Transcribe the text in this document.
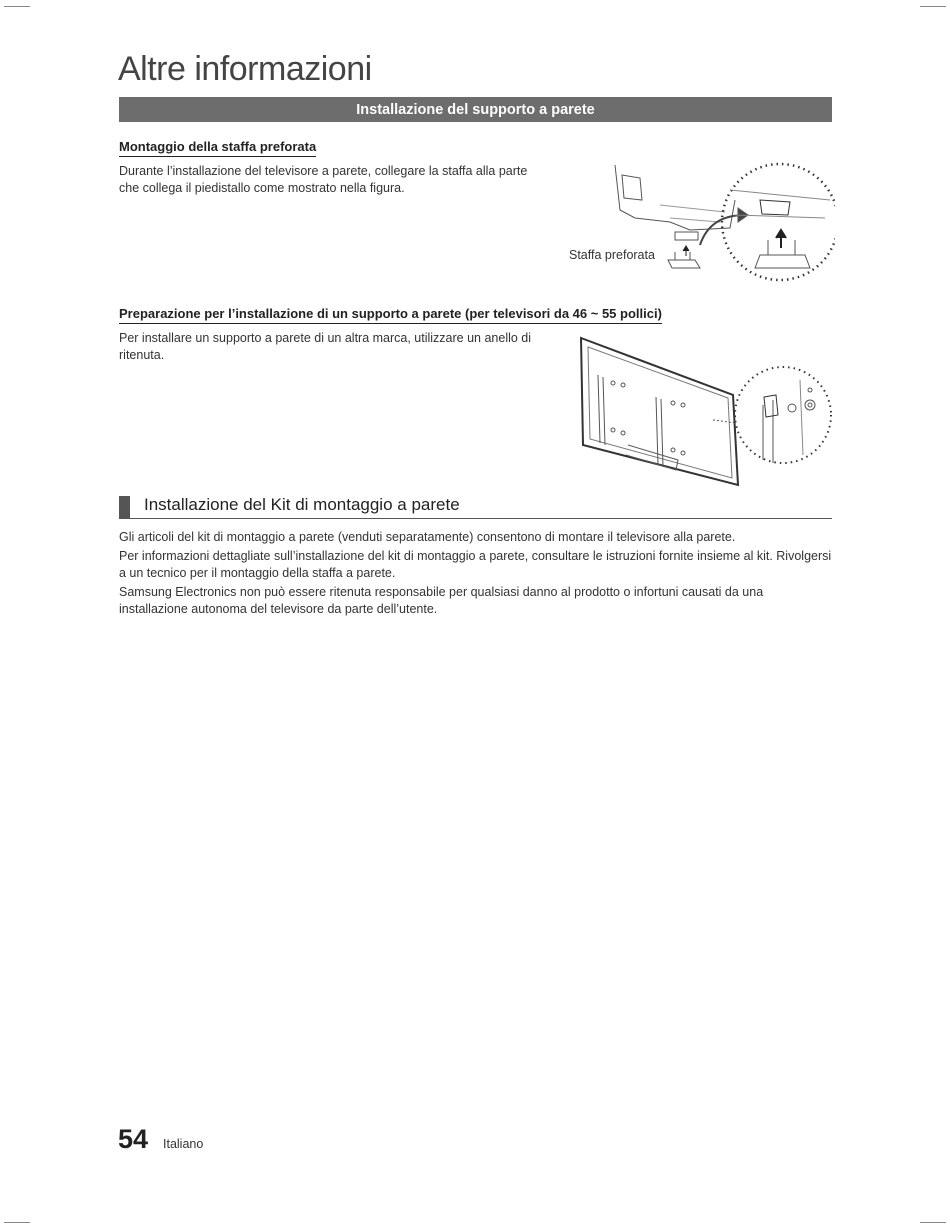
Altre informazioni
Installazione del supporto a parete
Montaggio della staffa preforata
Durante l’installazione del televisore a parete, collegare la staffa alla parte
che collega il piedistallo come mostrato nella figura.
Staffa preforata
Preparazione per l’installazione di un supporto a parete (per televisori da 46 ~ 55 pollici)
Per installare un supporto a parete di un altra marca, utilizzare un anello di
ritenuta.
Installazione del Kit di montaggio a parete
Gli articoli del kit di montaggio a parete (venduti separatamente) consentono di montare il televisore alla parete.
Per informazioni dettagliate sull’installazione del kit di montaggio a parete, consultare le istruzioni fornite insieme al kit. Rivolgersi a un tecnico per il montaggio della staffa a parete.
Samsung Electronics non può essere ritenuta responsabile per qualsiasi danno al prodotto o infortuni causati da una installazione autonoma del televisore da parte dell’utente.
54 Italiano
